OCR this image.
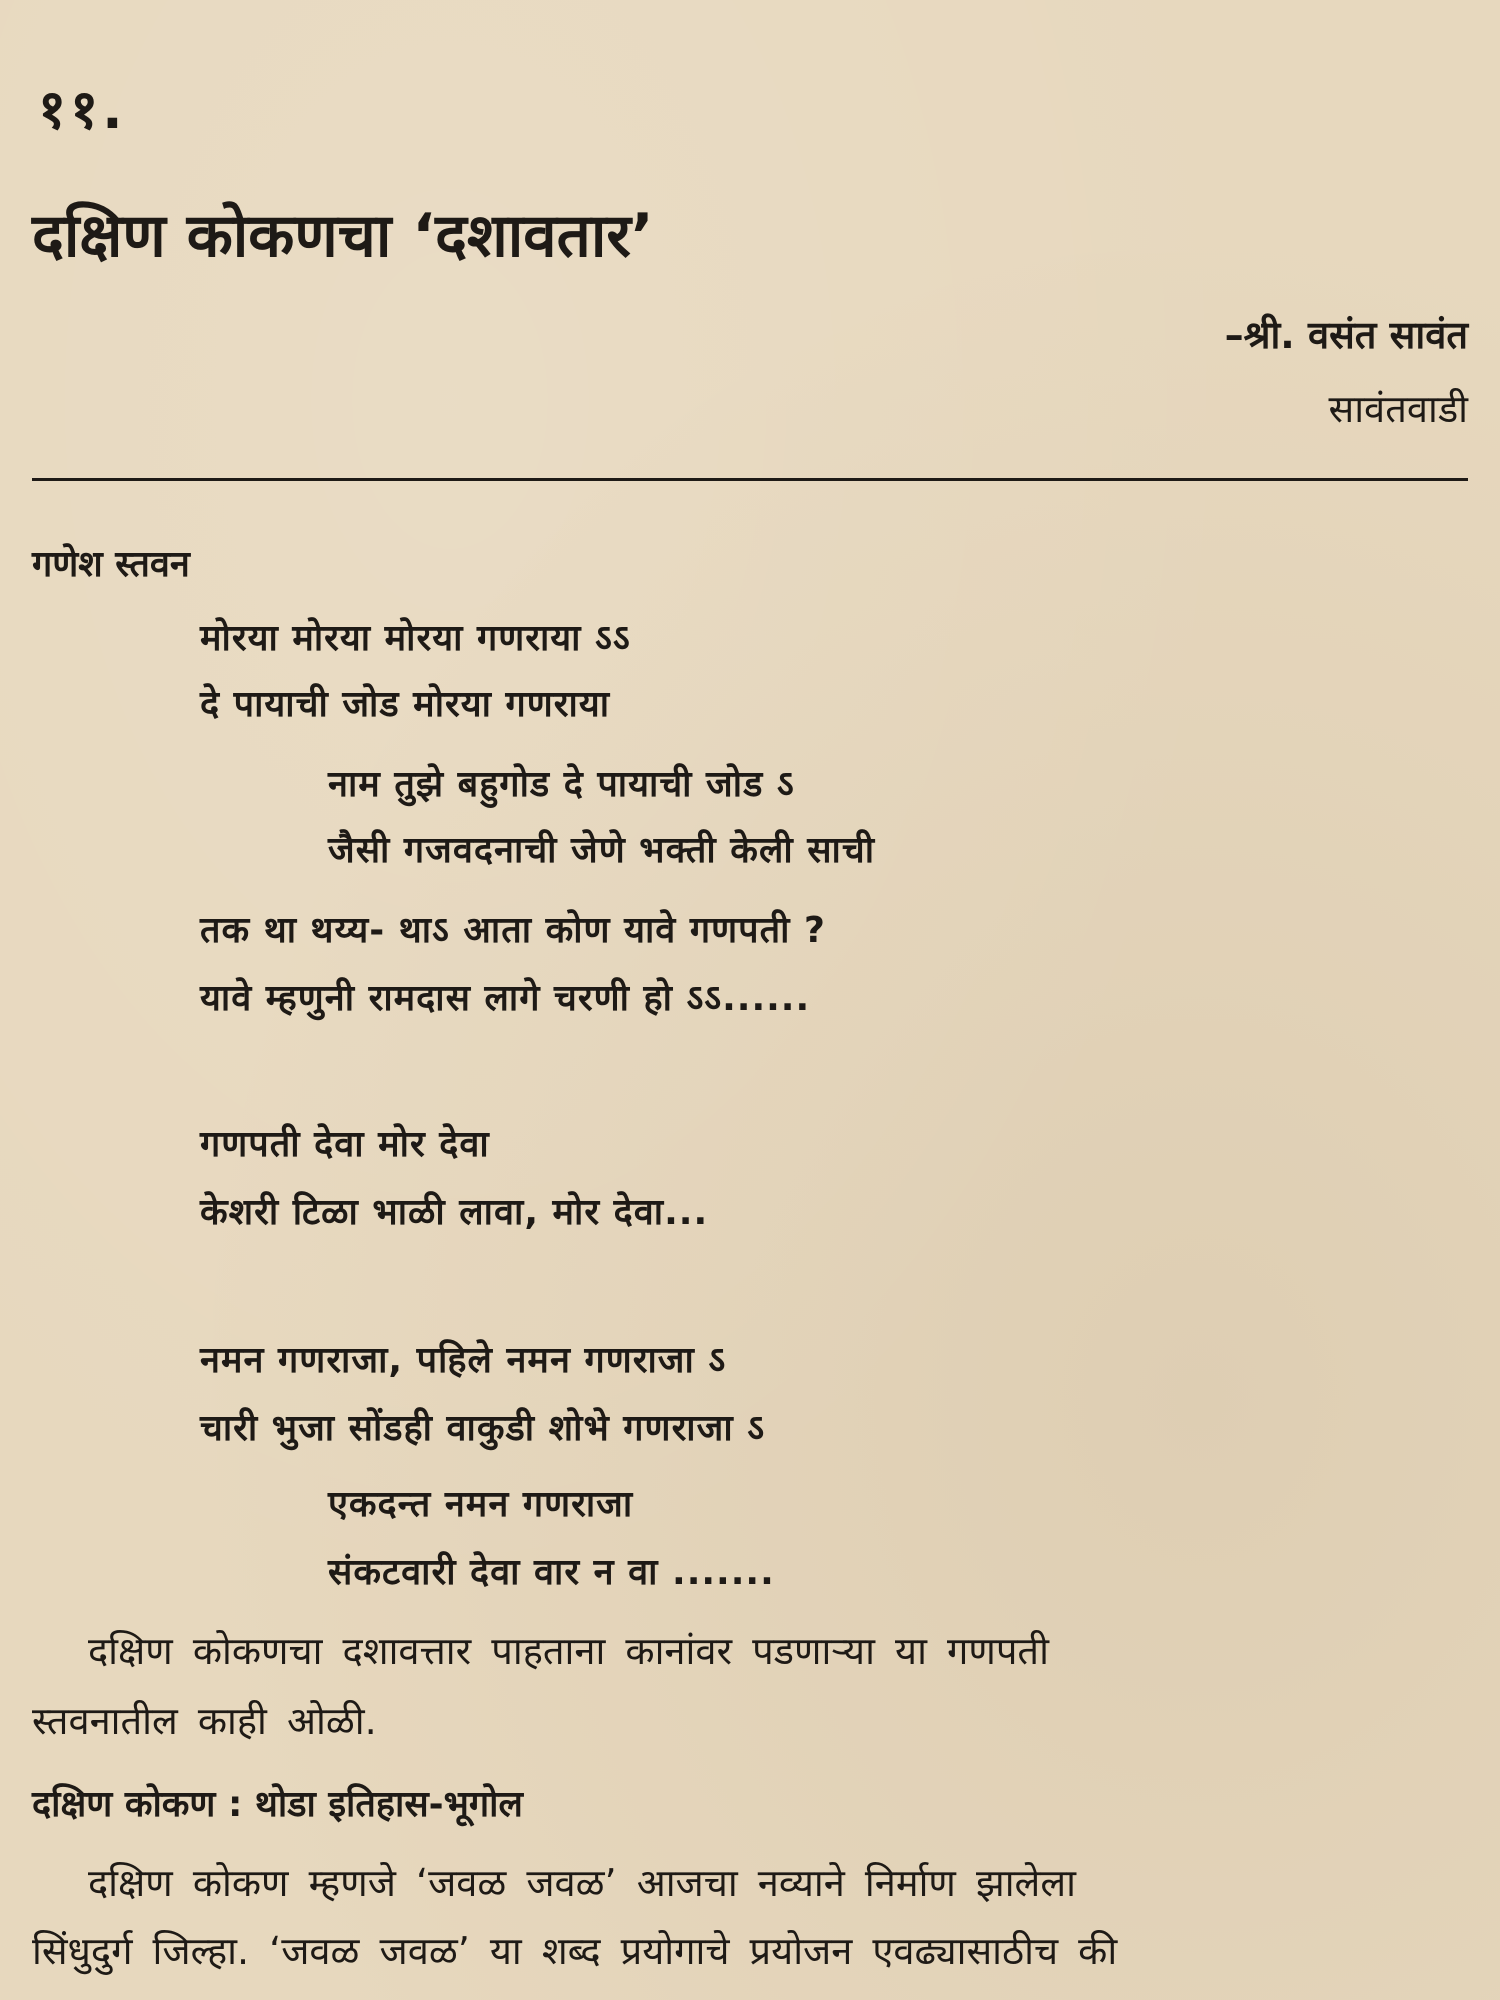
११.
दक्षिण कोकणचा ‘दशावतार’
–श्री. वसंत सावंत
सावंतवाडी
गणेश स्तवन
मोरया मोरया मोरया गणराया ऽऽ
दे पायाची जोड मोरया गणराया
नाम तुझे बहुगोड दे पायाची जोड ऽ
जैसी गजवदनाची जेणे भक्ती केली साची
तक था थय्य- थाऽ आता कोण यावे गणपती ?
यावे म्हणुनी रामदास लागे चरणी हो ऽऽ......
गणपती देवा मोर देवा
केशरी टिळा भाळी लावा, मोर देवा...
नमन गणराजा, पहिले नमन गणराजा ऽ
चारी भुजा सोंडही वाकुडी शोभे गणराजा ऽ
एकदन्त नमन गणराजा
संकटवारी देवा वार न वा .......
दक्षिण कोकणचा दशावत्तार पाहताना कानांवर पडणाऱ्या या गणपती
स्तवनातील काही ओळी.
दक्षिण कोकण : थोडा इतिहास-भूगोल
दक्षिण कोकण म्हणजे ‘जवळ जवळ’ आजचा नव्याने निर्माण झालेला
सिंधुदुर्ग जिल्हा. ‘जवळ जवळ’ या शब्द प्रयोगाचे प्रयोजन एवढ्यासाठीच की
